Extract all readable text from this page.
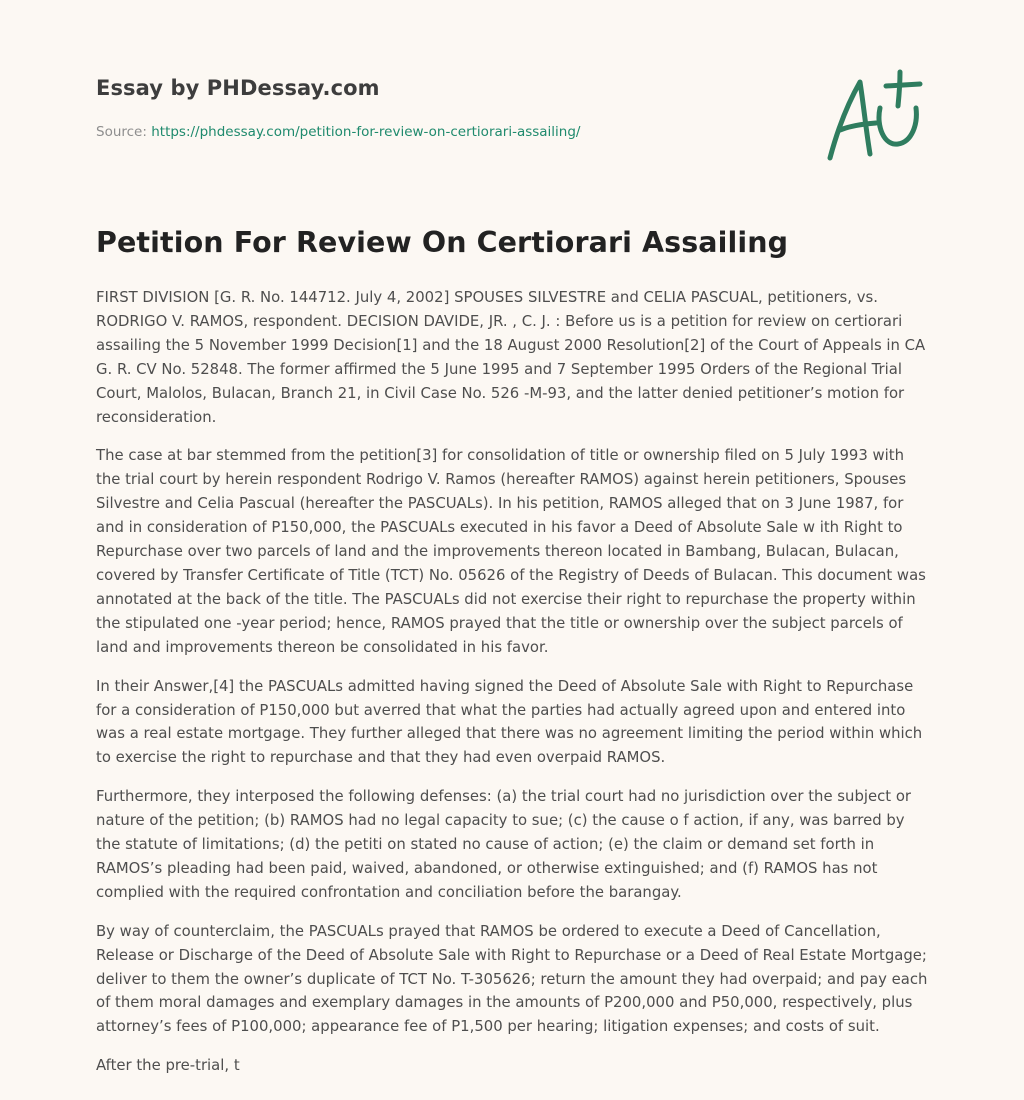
Essay by PHDessay.com
Source: https://phdessay.com/petition-for-review-on-certiorari-assailing/
Petition For Review On Certiorari Assailing

FIRST DIVISION [G. R. No. 144712. July 4, 2002] SPOUSES SILVESTRE and CELIA PASCUAL, petitioners, vs. RODRIGO V. RAMOS, respondent. DECISION DAVIDE, JR. , C. J. : Before us is a petition for review on certiorari assailing the 5 November 1999 Decision[1] and the 18 August 2000 Resolution[2] of the Court of Appeals in CA G. R. CV No. 52848. The former affirmed the 5 June 1995 and 7 September 1995 Orders of the Regional Trial Court, Malolos, Bulacan, Branch 21, in Civil Case No. 526 -M-93, and the latter denied petitioner’s motion for reconsideration.

The case at bar stemmed from the petition[3] for consolidation of title or ownership filed on 5 July 1993 with the trial court by herein respondent Rodrigo V. Ramos (hereafter RAMOS) against herein petitioners, Spouses Silvestre and Celia Pascual (hereafter the PASCUALs). In his petition, RAMOS alleged that on 3 June 1987, for and in consideration of P150,000, the PASCUALs executed in his favor a Deed of Absolute Sale w ith Right to Repurchase over two parcels of land and the improvements thereon located in Bambang, Bulacan, Bulacan, covered by Transfer Certificate of Title (TCT) No. 05626 of the Registry of Deeds of Bulacan. This document was annotated at the back of the title. The PASCUALs did not exercise their right to repurchase the property within the stipulated one -year period; hence, RAMOS prayed that the title or ownership over the subject parcels of land and improvements thereon be consolidated in his favor.

In their Answer,[4] the PASCUALs admitted having signed the Deed of Absolute Sale with Right to Repurchase for a consideration of P150,000 but averred that what the parties had actually agreed upon and entered into was a real estate mortgage. They further alleged that there was no agreement limiting the period within which to exercise the right to repurchase and that they had even overpaid RAMOS.

Furthermore, they interposed the following defenses: (a) the trial court had no jurisdiction over the subject or nature of the petition; (b) RAMOS had no legal capacity to sue; (c) the cause o f action, if any, was barred by the statute of limitations; (d) the petiti on stated no cause of action; (e) the claim or demand set forth in RAMOS’s pleading had been paid, waived, abandoned, or otherwise extinguished; and (f) RAMOS has not complied with the required confrontation and conciliation before the barangay.

By way of counterclaim, the PASCUALs prayed that RAMOS be ordered to execute a Deed of Cancellation, Release or Discharge of the Deed of Absolute Sale with Right to Repurchase or a Deed of Real Estate Mortgage; deliver to them the owner’s duplicate of TCT No. T-305626; return the amount they had overpaid; and pay each of them moral damages and exemplary damages in the amounts of P200,000 and P50,000, respectively, plus attorney’s fees of P100,000; appearance fee of P1,500 per hearing; litigation expenses; and costs of suit.

After the pre-trial, t
